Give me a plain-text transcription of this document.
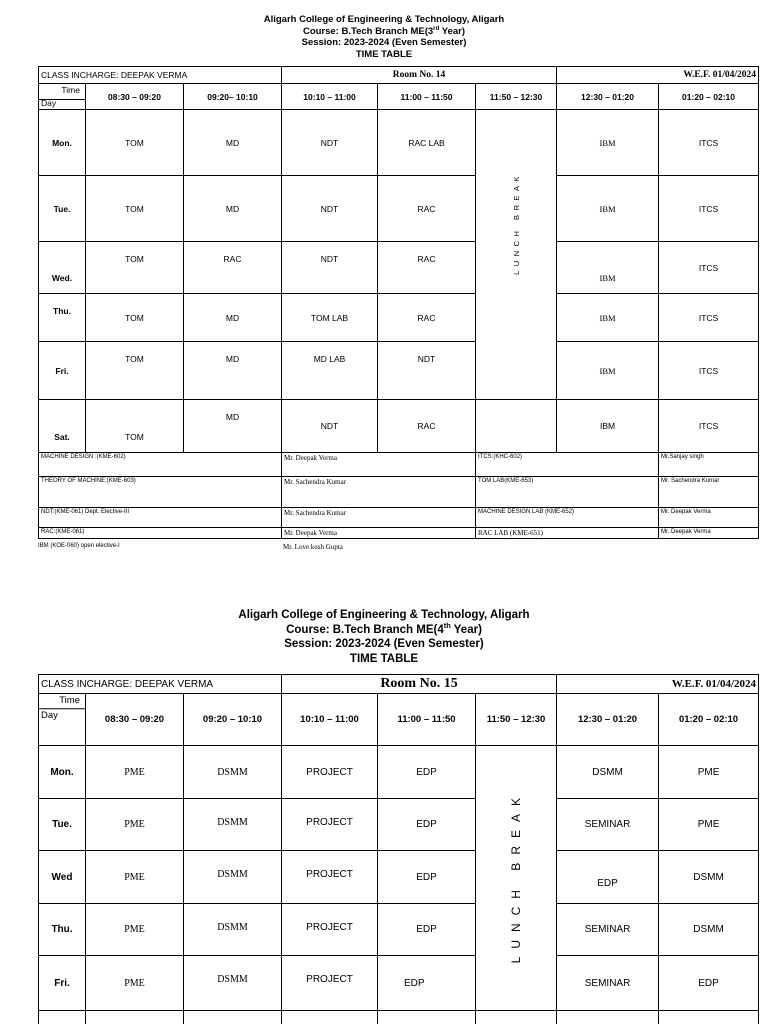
Aligarh College of Engineering & Technology, Aligarh
Course: B.Tech Branch ME(3rd Year)
Session: 2023-2024 (Even Semester)
TIME TABLE
CLASS INCHARGE: DEEPAK VERMA			Room No. 14			W.E.F. 01/04/2024	

Time
Day	08:30 – 09:20	09:20– 10:10	10:10 – 11:00	11:00 – 11:50	11:50 – 12:30	12:30 – 01:20	01:20 – 02:10
Mon.	TOM	MD	NDT	RAC LAB	LUNCH BREAK	IBM	ITCS
Tue.	TOM	MD	NDT	RAC		IBM	ITCS
Wed.	TOM	RAC	NDT	RAC		IBM	ITCS
Thu.	TOM	MD	TOM LAB	RAC		IBM	ITCS
Fri.	TOM	MD	MD LAB	NDT		IBM	ITCS
Sat.	TOM	MD	NDT	RAC		IBM	ITCS
MACHINE DESIGN :(KME-602)			Mr. Deepak Verma		ITCS:(KHC-602)		Mr.Sanjay singh
THEORY OF MACHINE:(KME-603)			Mr. Sachendra Kumar		TOM LAB(KME-653)		Mr. Sachendra Kumar
NDT:(KME-061) Dept. Elective-III			Mr. Sachendra Kumar		MACHINE DESIGN LAB (KME-652)		Mr. Deepak Verma
RAC:(KME-061)			Mr. Deepak Verma		RAC LAB (KME-651)		Mr. Deepak Verma
IBM (KOE-060) open elective-I	Mr. Love kush Gupta
Aligarh College of Engineering & Technology, Aligarh
Course: B.Tech Branch ME(4th Year)
Session: 2023-2024 (Even Semester)
TIME TABLE
CLASS INCHARGE: DEEPAK VERMA			Room No. 15			W.E.F. 01/04/2024	

Time
Day	08:30 – 09:20	09:20 – 10:10	10:10 – 11:00	11:00 – 11:50	11:50 – 12:30	12:30 – 01:20	01:20 – 02:10
Mon.	PME	DSMM	PROJECT	EDP	LUNCH BREAK	DSMM	PME
Tue.	PME	DSMM	PROJECT	EDP		SEMINAR	PME
Wed	PME	DSMM	PROJECT	EDP		EDP	DSMM
Thu.	PME	DSMM	PROJECT	EDP		SEMINAR	DSMM
Fri.	PME	DSMM	PROJECT	EDP		SEMINAR	EDP
